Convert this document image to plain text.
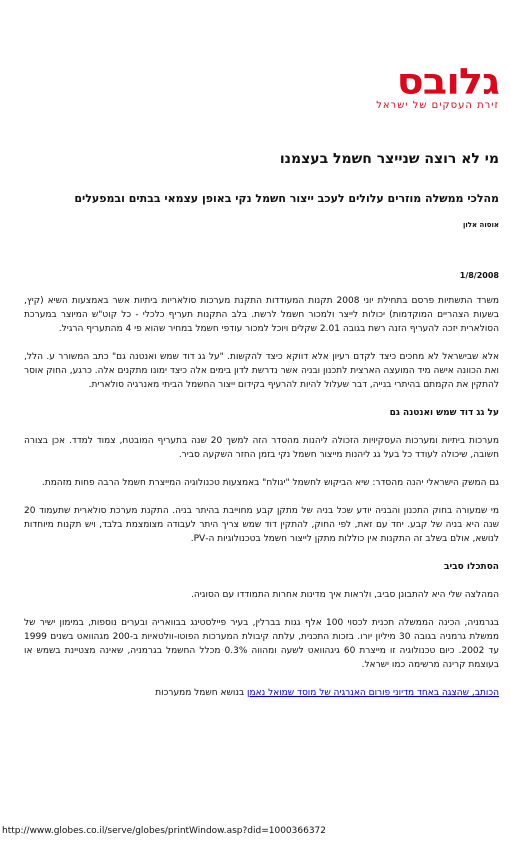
גלובס
זירת העסקים של ישראל
מי לא רוצה שנייצר חשמל בעצמנו
מהלכי ממשלה מוזרים עלולים לעכב ייצור חשמל נקי באופן עצמאי בבתים ובמפעלים
אוסוה אלון
1/8/2008

משרד התשתיות פרסם בתחילת יוני 2008 תקנות המעודדות התקנת מערכות סולאריות ביתיות אשר באמצעות השיא (קיץ, בשעות הצהריים המוקדמות) יכולות לייצר ולמכור חשמל לרשת. בלב התקנות תעריף כלכלי - כל קוט"ש המיוצר במערכת הסולארית יזכה להעריף הזנה רשת בגובה 2.01 שקלים ויוכל למכור עודפי חשמל במחיר שהוא פי 4 מהתעריף הרגיל.

אלא שבישראל לא מחכים כיצד לקדם רעיון אלא דווקא כיצד להקשות. "על גג דוד שמש ואנטנה גם" כתב המשורר ע. הלל, ואת הכוונה אישה מיד המועצה הארצית לתכנון ובניה אשר נדרשת לדון בימים אלה כיצד ימונו מתקנים אלה. כרגע, החוק אוסר להתקין את הקמתם בהיתרי בנייה, דבר שעלול להיות להרעיף בקידום ייצור החשמל הביתי מאנרגיה סולארית.

על גג דוד שמש ואנטנה גם

מערכות ביתיות ומערכות העסקיויות הזכולה ליהנות מהסדר הזה למשך 20 שנה בתעריף המובטח, צמוד למדד. אכן בצורה חשובה, שיכולה לעודד כל בעל גג ליהנות מייצור חשמל נקי בזמן החזר השקעה סביר.

גם המשק הישראלי יהנה מהסדר: שיא הביקוש לחשמל "יגולח" באמצעות טכנולוגיה המייצרת חשמל הרבה פחות מזהמת.

מי שמעורה בחוק התכנון והבניה יודע שכל בניה של מתקן קבע מחוייבת בהיתר בניה. התקנת מערכת סולארית שתעמוד 20 שנה היא בניה של קבע. יחד עם זאת, לפי החוק, להתקין דוד שמש צריך היתר לעבודה מצומצמת בלבד, ויש תקנות מיוחדות לנושא, אולם בשלב זה התקנות אין כוללות מתקן לייצור חשמל בטכנולוגיות ה-PV.

הסתכלו סביב

המהלצה שלי היא להתבונן סביב, ולראות איך מדינות אחרות התמודדו עם הסוגיה.

בגרמניה, הכינה הממשלה תכנית לכסוי 100 אלף גגות בברלין, בעיר פיילסטינג בבוואריה ובערים נוספות, במימון ישיר של ממשלת גרמניה בגובה 30 מיליון יורו. בזכות התכנית, עלתה קיבולת המערכות הפוטו-וולטאיות ב-200 מגהוואט בשנים 1999 עד 2002. כיום טכנולוגיה זו מייצרת 60 גיגהוואט לשעה ומהווה 0.3% מכלל החשמל בגרמניה, שאינה מצטיינת בשמש או בעוצמת קרינה מרשימה כמו ישראל.

הכותב, שהצגה באחד מדיוני פורום האנרגיה של מוסד שמואל נאמן בנושא חשמל ממערכות

http://www.globes.co.il/serve/globes/printWindow.asp?did=1000366372
